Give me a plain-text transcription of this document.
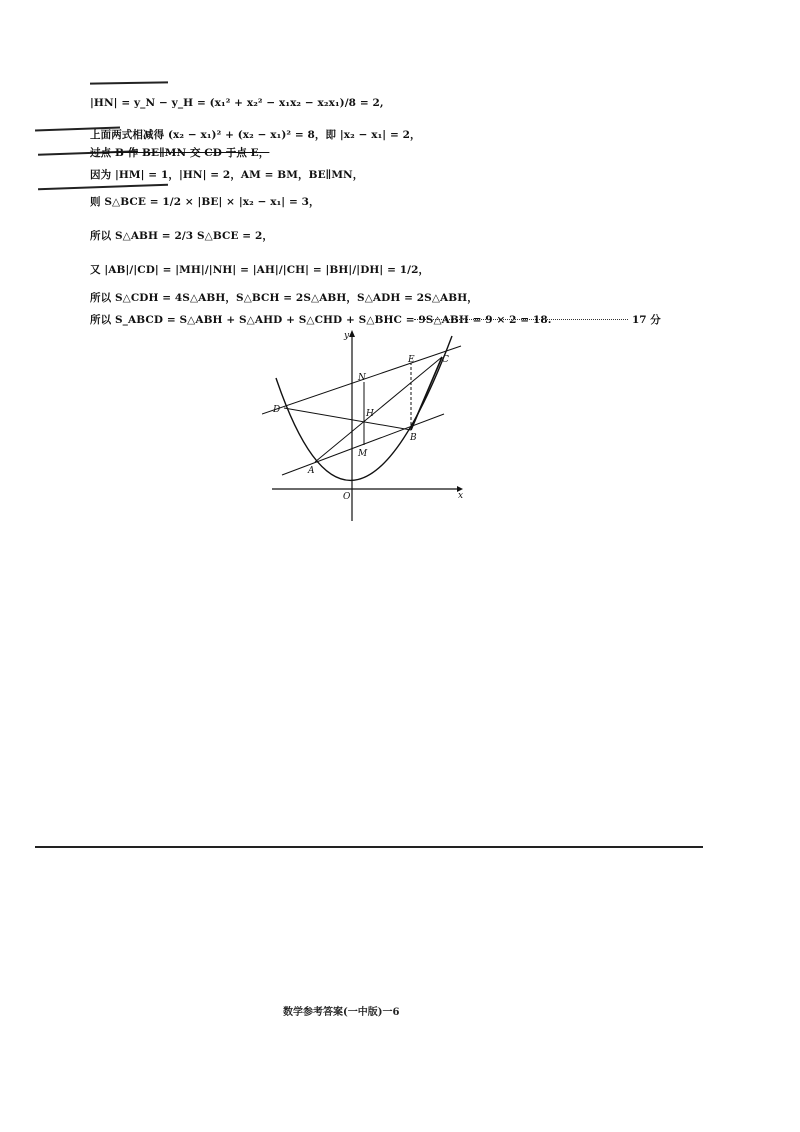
|HN| = y_N − y_H = (x₁² + x₂² − x₁x₂ − x₂x₁)/8 = 2,
上面两式相减得 (x₂ − x₁)² + (x₂ − x₁)² = 8，即 |x₂ − x₁| = 2，
过点 B 作 BE∥MN 交 CD 于点 E，
因为 |HM| = 1，|HN| = 2，AM = BM，BE∥MN，
则 S△BCE = 1/2 × |BE| × |x₂ − x₁| = 3，
所以 S△ABH = 2/3 S△BCE = 2，
又 |AB|/|CD| = |MH|/|NH| = |AH|/|CH| = |BH|/|DH| = 1/2，
所以 S△CDH = 4S△ABH，S△BCH = 2S△ABH，S△ADH = 2S△ABH，
所以 S_ABCD = S△ABH + S△AHD + S△CHD + S△BHC = 9S△ABH = 9 × 2 = 18.	17 分
y
x
O
A
B
C
D
E
H
M
N
数学参考答案(一中版)一6
